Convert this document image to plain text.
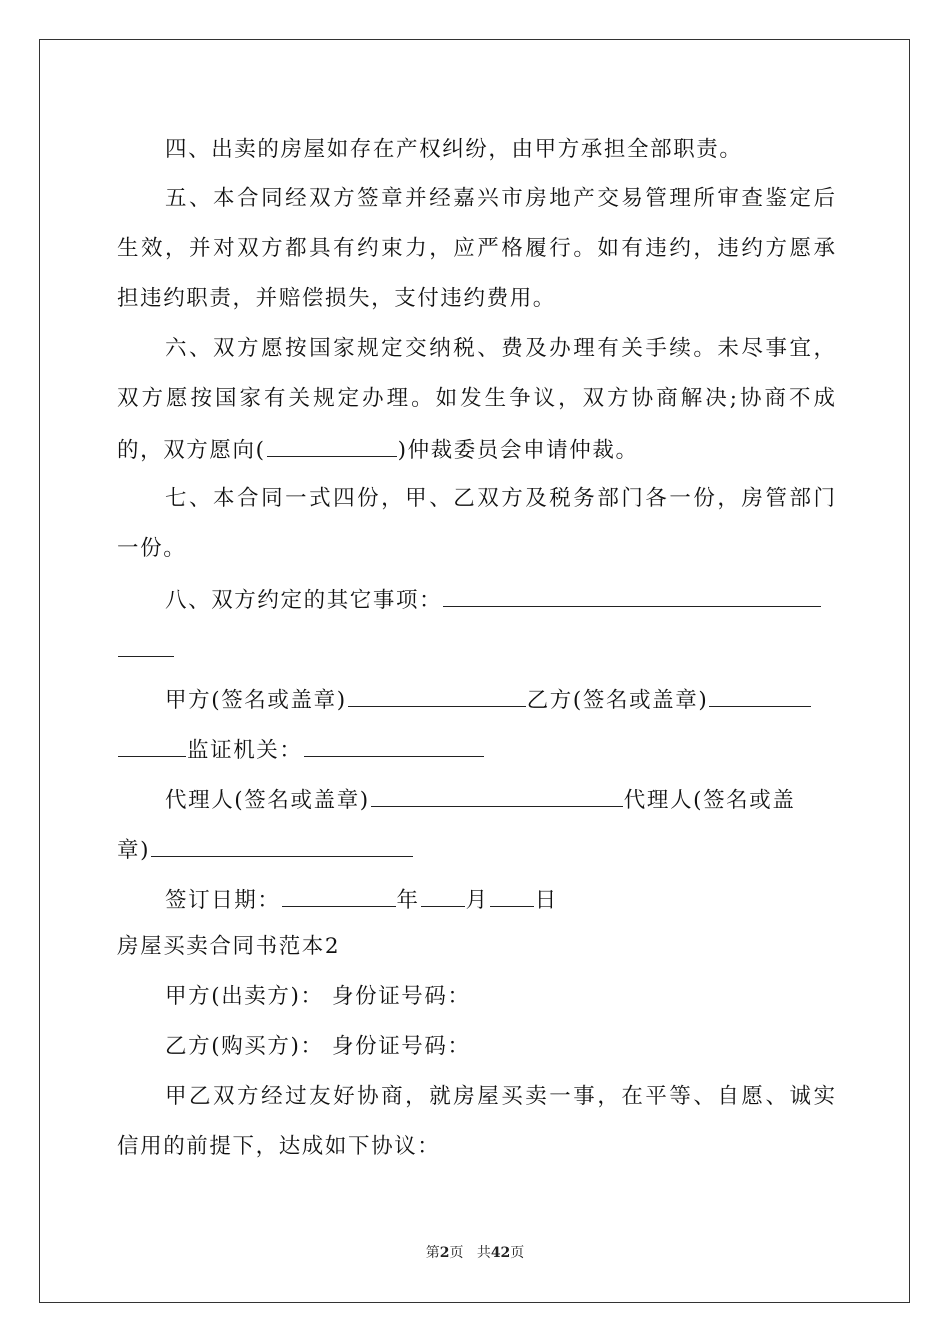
四、出卖的房屋如存在产权纠纷，由甲方承担全部职责。
五、本合同经双方签章并经嘉兴市房地产交易管理所审查鉴定后
生效，并对双方都具有约束力，应严格履行。如有违约，违约方愿承
担违约职责，并赔偿损失，支付违约费用。
六、双方愿按国家规定交纳税、费及办理有关手续。未尽事宜，
双方愿按国家有关规定办理。如发生争议，双方协商解决;协商不成
的，双方愿向(	)仲裁委员会申请仲裁。
七、本合同一式四份，甲、乙双方及税务部门各一份，房管部门
一份。
八、双方约定的其它事项：
甲方(签名或盖章)	乙方(签名或盖章)
监证机关：
代理人(签名或盖章)	代理人(签名或盖
章)
签订日期：	年 月 日
房屋买卖合同书范本2
甲方(出卖方)： 身份证号码：
乙方(购买方)： 身份证号码：
甲乙双方经过友好协商，就房屋买卖一事，在平等、自愿、诚实
信用的前提下，达成如下协议：
第2页 共42页
